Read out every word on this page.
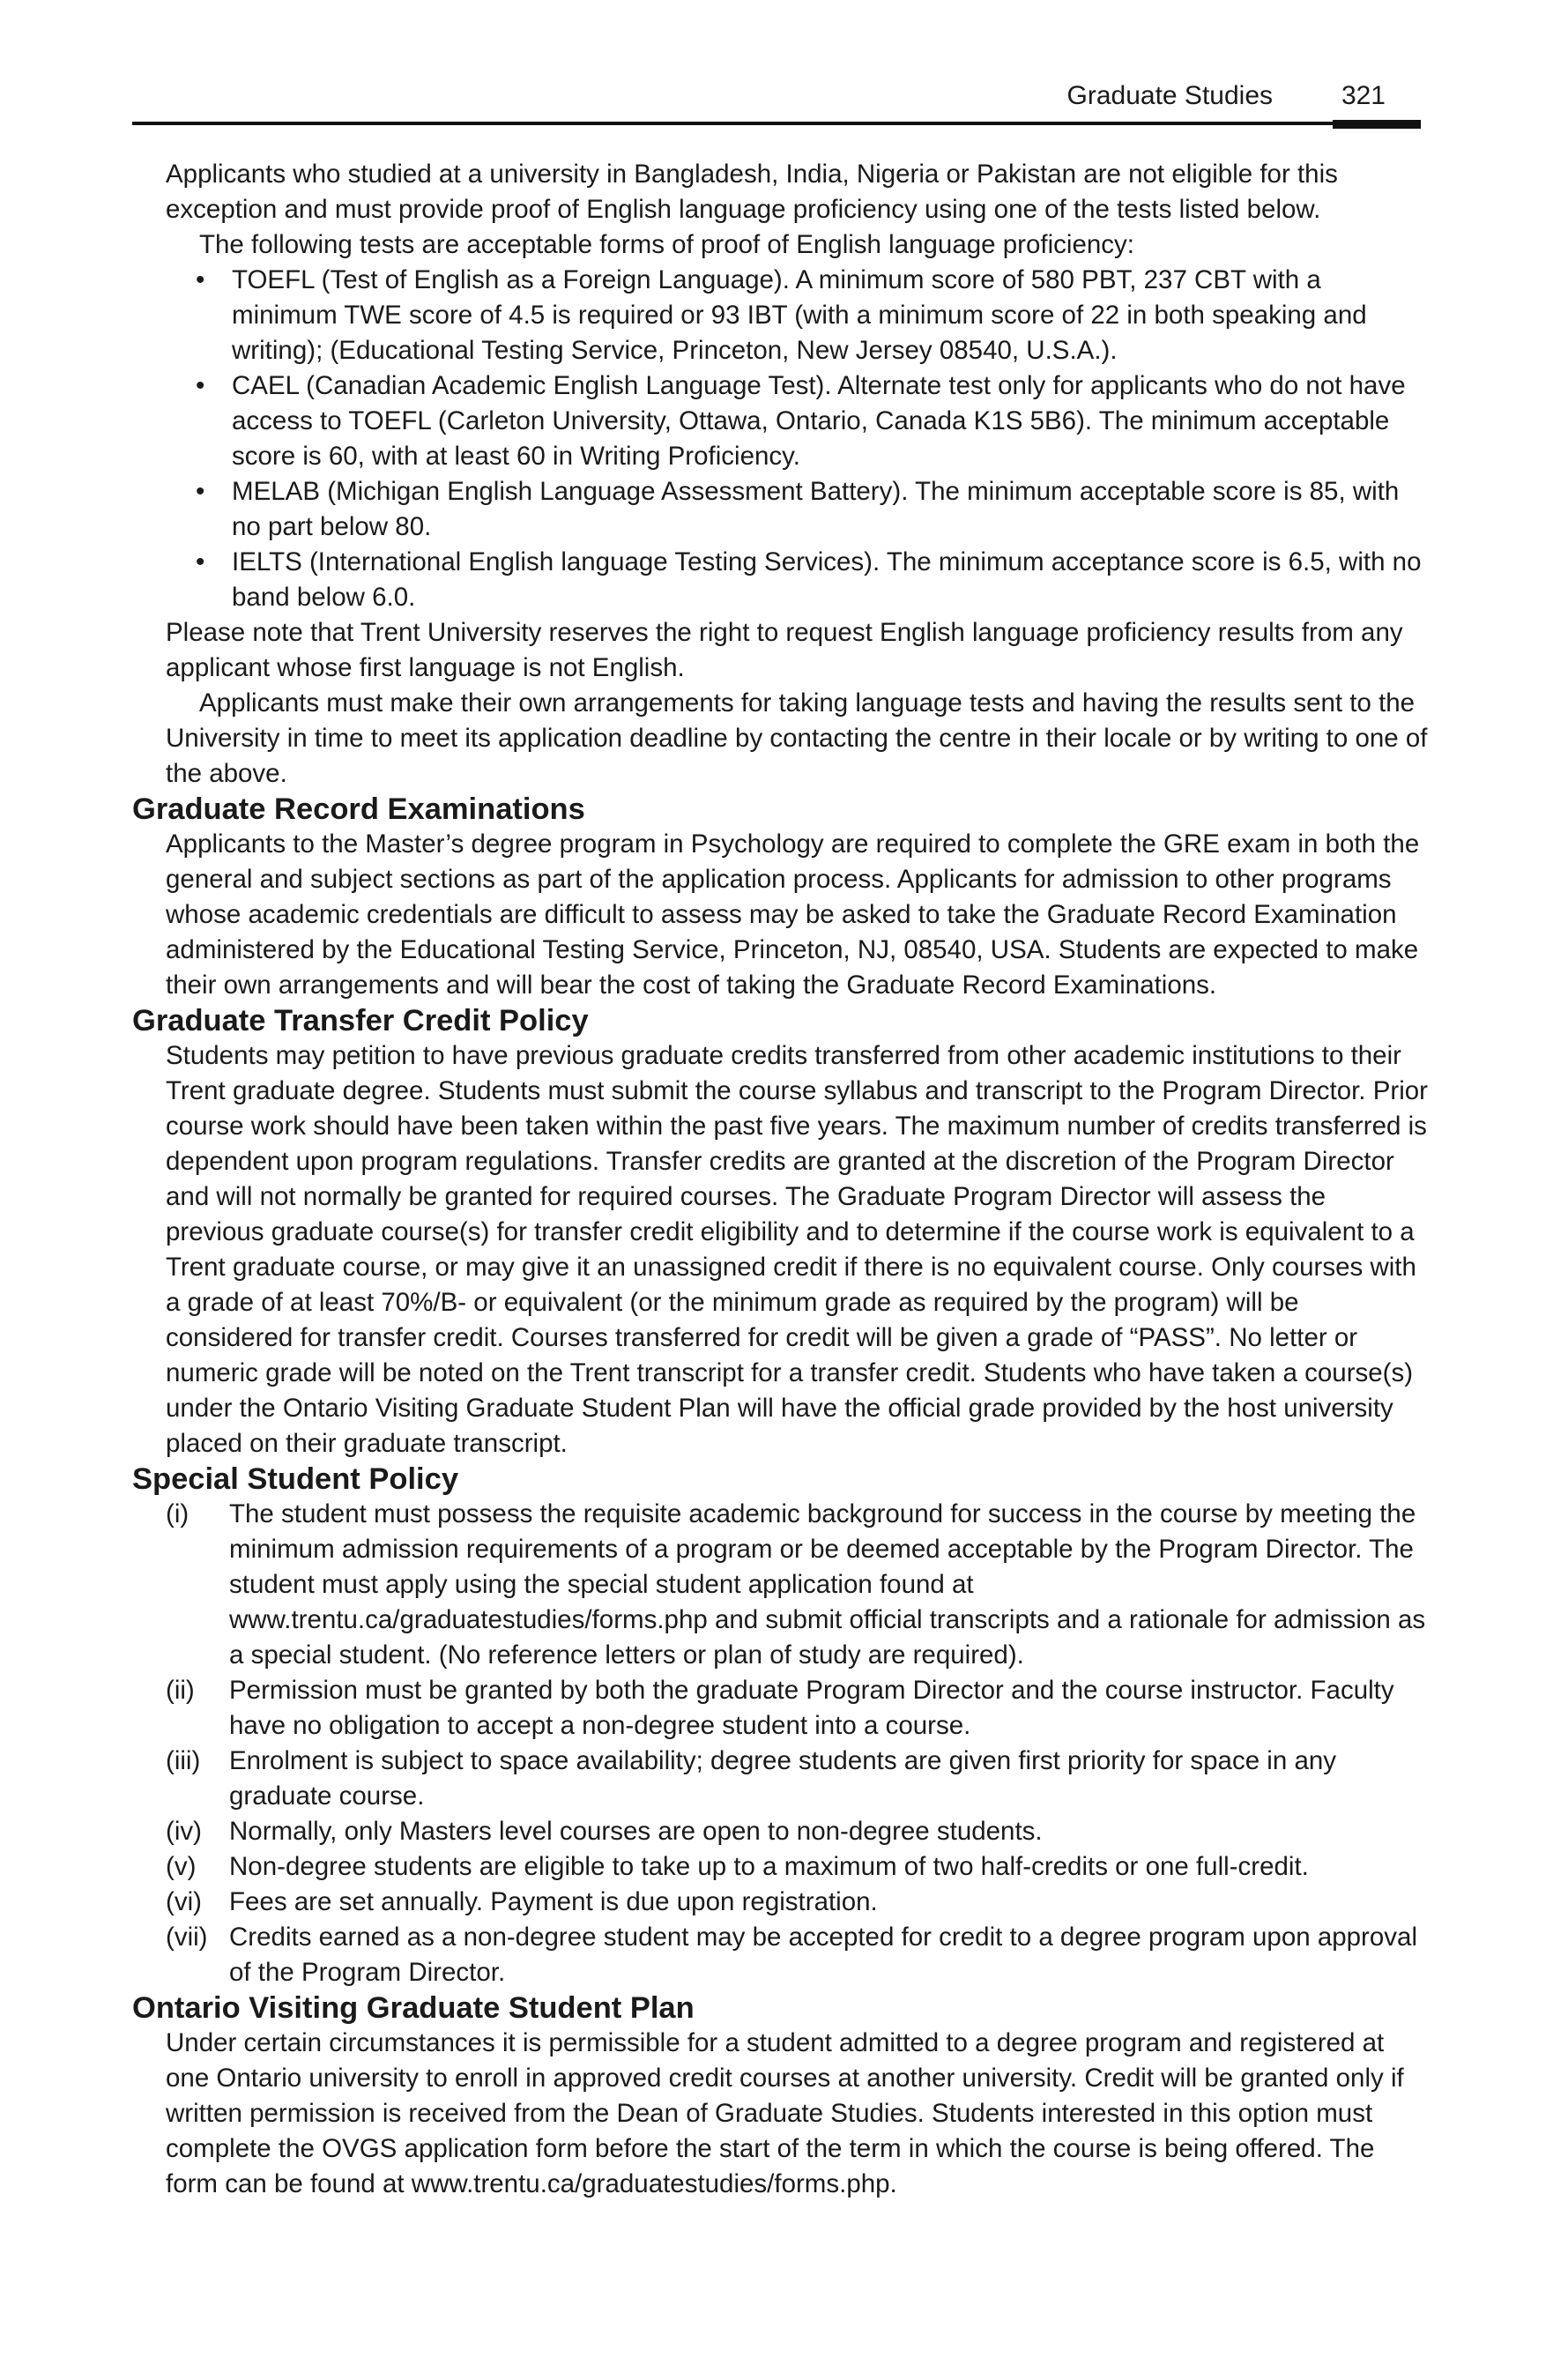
Graduate Studies	321

Applicants who studied at a university in Bangladesh, India, Nigeria or Pakistan are not eligible for this exception and must provide proof of English language proficiency using one of the tests listed below.

The following tests are acceptable forms of proof of English language proficiency:

• TOEFL (Test of English as a Foreign Language). A minimum score of 580 PBT, 237 CBT with a minimum TWE score of 4.5 is required or 93 IBT (with a minimum score of 22 in both speaking and writing); (Educational Testing Service, Princeton, New Jersey 08540, U.S.A.).
• CAEL (Canadian Academic English Language Test). Alternate test only for applicants who do not have access to TOEFL (Carleton University, Ottawa, Ontario, Canada K1S 5B6). The minimum acceptable score is 60, with at least 60 in Writing Proficiency.
• MELAB (Michigan English Language Assessment Battery). The minimum acceptable score is 85, with no part below 80.
• IELTS (International English language Testing Services). The minimum acceptance score is 6.5, with no band below 6.0.

Please note that Trent University reserves the right to request English language proficiency results from any applicant whose first language is not English.

Applicants must make their own arrangements for taking language tests and having the results sent to the University in time to meet its application deadline by contacting the centre in their locale or by writing to one of the above.

Graduate Record Examinations

Applicants to the Master’s degree program in Psychology are required to complete the GRE exam in both the general and subject sections as part of the application process. Applicants for admission to other programs whose academic credentials are difficult to assess may be asked to take the Graduate Record Examination administered by the Educational Testing Service, Princeton, NJ, 08540, USA. Students are expected to make their own arrangements and will bear the cost of taking the Graduate Record Examinations.

Graduate Transfer Credit Policy

Students may petition to have previous graduate credits transferred from other academic institutions to their Trent graduate degree. Students must submit the course syllabus and transcript to the Program Director. Prior course work should have been taken within the past five years. The maximum number of credits transferred is dependent upon program regulations. Transfer credits are granted at the discretion of the Program Director and will not normally be granted for required courses. The Graduate Program Director will assess the previous graduate course(s) for transfer credit eligibility and to determine if the course work is equivalent to a Trent graduate course, or may give it an unassigned credit if there is no equivalent course. Only courses with a grade of at least 70%/B- or equivalent (or the minimum grade as required by the program) will be considered for transfer credit. Courses transferred for credit will be given a grade of “PASS”. No letter or numeric grade will be noted on the Trent transcript for a transfer credit. Students who have taken a course(s) under the Ontario Visiting Graduate Student Plan will have the official grade provided by the host university placed on their graduate transcript.

Special Student Policy
(i)	The student must possess the requisite academic background for success in the course by meeting the minimum admission requirements of a program or be deemed acceptable by the Program Director. The student must apply using the special student application found at www.trentu.ca/graduatestudies/forms.php and submit official transcripts and a rationale for admission as a special student. (No reference letters or plan of study are required).
(ii)	Permission must be granted by both the graduate Program Director and the course instructor. Faculty have no obligation to accept a non-degree student into a course.
(iii)	Enrolment is subject to space availability; degree students are given first priority for space in any graduate course.
(iv)	Normally, only Masters level courses are open to non-degree students.
(v)	Non-degree students are eligible to take up to a maximum of two half-credits or one full-credit.
(vi)	Fees are set annually. Payment is due upon registration.
(vii) Credits earned as a non-degree student may be accepted for credit to a degree program upon approval of the Program Director.
Ontario Visiting Graduate Student Plan

Under certain circumstances it is permissible for a student admitted to a degree program and registered at one Ontario university to enroll in approved credit courses at another university. Credit will be granted only if written permission is received from the Dean of Graduate Studies. Students interested in this option must complete the OVGS application form before the start of the term in which the course is being offered. The form can be found at www.trentu.ca/graduatestudies/forms.php.
